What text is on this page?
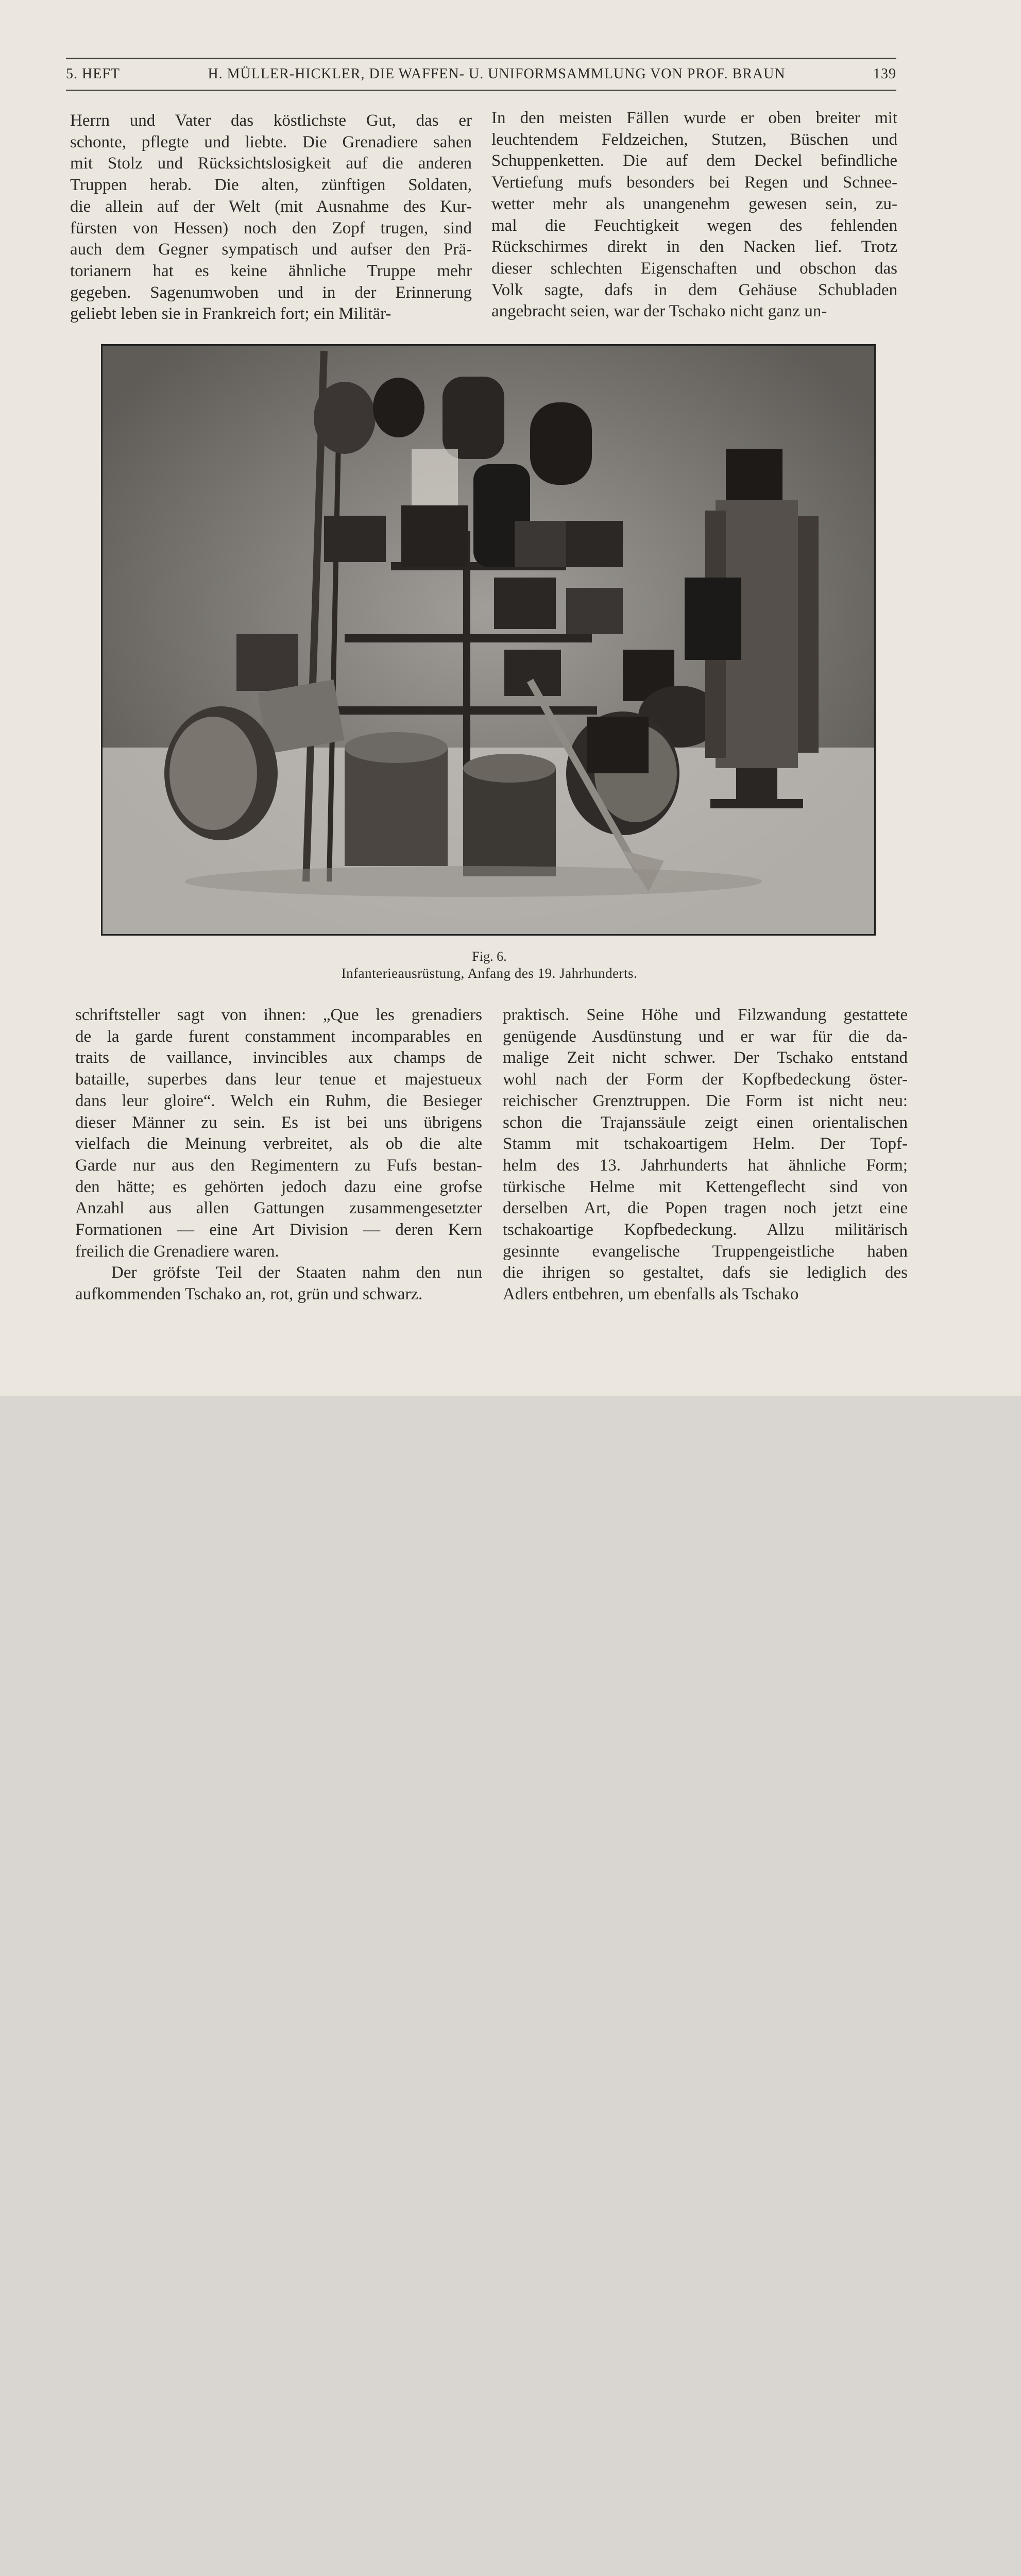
5. HEFT	H. MÜLLER-HICKLER, DIE WAFFEN- U. UNIFORMSAMMLUNG VON PROF. BRAUN	139
Herrn und Vater das köstlichste Gut, das er
schonte, pflegte und liebte. Die Grenadiere sahen
mit Stolz und Rücksichtslosigkeit auf die anderen
Truppen herab. Die alten, zünftigen Soldaten,
die allein auf der Welt (mit Ausnahme des Kur-
fürsten von Hessen) noch den Zopf trugen, sind
auch dem Gegner sympatisch und aufser den Prä-
torianern hat es keine ähnliche Truppe mehr
gegeben. Sagenumwoben und in der Erinnerung
geliebt leben sie in Frankreich fort; ein Militär-
In den meisten Fällen wurde er oben breiter mit
leuchtendem Feldzeichen, Stutzen, Büschen und
Schuppenketten. Die auf dem Deckel befindliche
Vertiefung mufs besonders bei Regen und Schnee-
wetter mehr als unangenehm gewesen sein, zu-
mal die Feuchtigkeit wegen des fehlenden
Rückschirmes direkt in den Nacken lief. Trotz
dieser schlechten Eigenschaften und obschon das
Volk sagte, dafs in dem Gehäuse Schubladen
angebracht seien, war der Tschako nicht ganz un-
Fig. 6.
Infanterieausrüstung, Anfang des 19. Jahrhunderts.
schriftsteller sagt von ihnen: „Que les grenadiers
de la garde furent constamment incomparables en
traits de vaillance, invincibles aux champs de
bataille, superbes dans leur tenue et majestueux
dans leur gloire“. Welch ein Ruhm, die Besieger
dieser Männer zu sein. Es ist bei uns übrigens
vielfach die Meinung verbreitet, als ob die alte
Garde nur aus den Regimentern zu Fufs bestan-
den hätte; es gehörten jedoch dazu eine grofse
Anzahl aus allen Gattungen zusammengesetzter
Formationen — eine Art Division — deren Kern
freilich die Grenadiere waren.
Der gröfste Teil der Staaten nahm den nun
aufkommenden Tschako an, rot, grün und schwarz.
praktisch. Seine Höhe und Filzwandung gestattete
genügende Ausdünstung und er war für die da-
malige Zeit nicht schwer. Der Tschako entstand
wohl nach der Form der Kopfbedeckung öster-
reichischer Grenztruppen. Die Form ist nicht neu:
schon die Trajanssäule zeigt einen orientalischen
Stamm mit tschakoartigem Helm. Der Topf-
helm des 13. Jahrhunderts hat ähnliche Form;
türkische Helme mit Kettengeflecht sind von
derselben Art, die Popen tragen noch jetzt eine
tschakoartige Kopfbedeckung. Allzu militärisch
gesinnte evangelische Truppengeistliche haben
die ihrigen so gestaltet, dafs sie lediglich des
Adlers entbehren, um ebenfalls als Tschako
